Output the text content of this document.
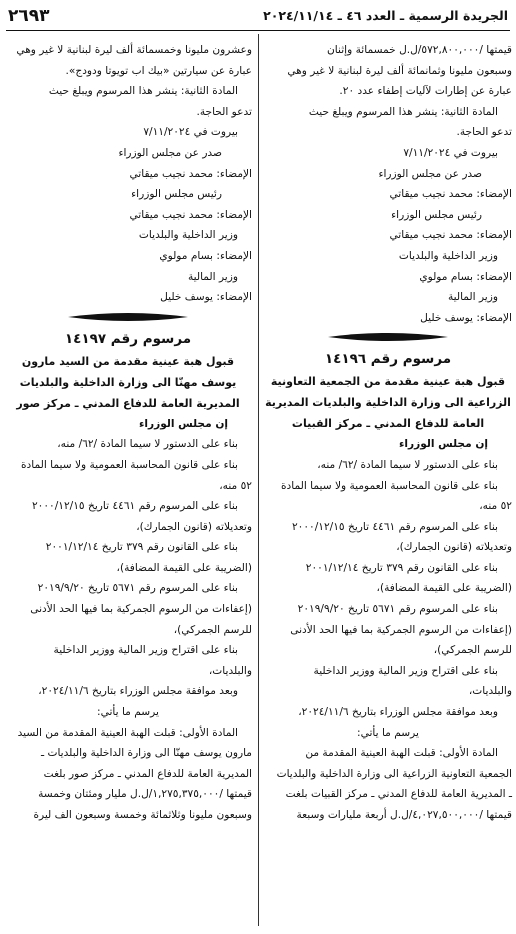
الجريدة الرسمية ـ العدد ٤٦ ـ ٢٠٢٤/١١/١٤
٢٦٩٣

قيمتها /٥٧٢,٨٠٠,٠٠٠/ل.ل خمسمائة وإثنان

وسبعون مليونا وثمانمائة ألف ليرة لبنانية لا غير وهي

عبارة عن إطارات لآليات إطفاء عدد ٢٠.

المادة الثانية: ينشر هذا المرسوم ويبلغ حيث

تدعو الحاجة.

بيروت في ٧/١١/٢٠٢٤

صدر عن مجلس الوزراء

الإمضاء: محمد نجيب ميقاتي

رئيس مجلس الوزراء

الإمضاء: محمد نجيب ميقاتي

وزير الداخلية والبلديات

الإمضاء: بسام مولوي

وزير المالية

الإمضاء: يوسف خليل

مرسوم رقم ١٤١٩٦

قبول هبة عينية مقدمة من الجمعية التعاونية

الزراعية الى وزارة الداخلية والبلديات المديرية

العامة للدفاع المدني ـ مركز القبيات

إن مجلس الوزراء

بناء على الدستور لا سيما المادة /٦٢/ منه،

بناء على قانون المحاسبة العمومية ولا سيما المادة

٥٢ منه،

بناء على المرسوم رقم ٤٤٦١ تاريخ ٢٠٠٠/١٢/١٥

وتعديلاته (قانون الجمارك)،

بناء على القانون رقم ٣٧٩ تاريخ ٢٠٠١/١٢/١٤

(الضريبة على القيمة المضافة)،

بناء على المرسوم رقم ٥٦٧١ تاريخ ٢٠١٩/٩/٢٠

(إعفاءات من الرسوم الجمركية بما فيها الحد الأدنى

للرسم الجمركي)،

بناء على اقتراح وزير المالية ووزير الداخلية

والبلديات،

وبعد موافقة مجلس الوزراء بتاريخ ٢٠٢٤/١١/٦،

يرسم ما يأتي:

المادة الأولى: قبلت الهبة العينية المقدمة من

الجمعية التعاونية الزراعية الى وزارة الداخلية والبلديات

ـ المديرية العامة للدفاع المدني ـ مركز القبيات بلغت

قيمتها /٤,٠٢٧,٥٠٠,٠٠٠/ل.ل أربعة مليارات وسبعة

وعشرون مليونا وخمسمائة ألف ليرة لبنانية لا غير وهي

عبارة عن سيارتين «بيك اب تويوتا ودودج».

المادة الثانية: ينشر هذا المرسوم ويبلغ حيث

تدعو الحاجة.

بيروت في ٧/١١/٢٠٢٤

صدر عن مجلس الوزراء

الإمضاء: محمد نجيب ميقاتي

رئيس مجلس الوزراء

الإمضاء: محمد نجيب ميقاتي

وزير الداخلية والبلديات

الإمضاء: بسام مولوي

وزير المالية

الإمضاء: يوسف خليل

مرسوم رقم ١٤١٩٧

قبول هبة عينية مقدمة من السيد مارون

يوسف مهنّا الى وزارة الداخلية والبلديات

المديرية العامة للدفاع المدني ـ مركز صور

إن مجلس الوزراء

بناء على الدستور لا سيما المادة /٦٢/ منه،

بناء على قانون المحاسبة العمومية ولا سيما المادة

٥٢ منه،

بناء على المرسوم رقم ٤٤٦١ تاريخ ٢٠٠٠/١٢/١٥

وتعديلاته (قانون الجمارك)،

بناء على القانون رقم ٣٧٩ تاريخ ٢٠٠١/١٢/١٤

(الضريبة على القيمة المضافة)،

بناء على المرسوم رقم ٥٦٧١ تاريخ ٢٠١٩/٩/٢٠

(إعفاءات من الرسوم الجمركية بما فيها الحد الأدنى

للرسم الجمركي)،

بناء على اقتراح وزير المالية ووزير الداخلية

والبلديات،

وبعد موافقة مجلس الوزراء بتاريخ ٢٠٢٤/١١/٦،

يرسم ما يأتي:

المادة الأولى: قبلت الهبة العينية المقدمة من السيد

مارون يوسف مهنّا الى وزارة الداخلية والبلديات ـ

المديرية العامة للدفاع المدني ـ مركز صور بلغت

قيمتها /١,٢٧٥,٣٧٥,٠٠٠/ل.ل مليار ومئتان وخمسة

وسبعون مليونا وثلاثمائة وخمسة وسبعون الف ليرة
